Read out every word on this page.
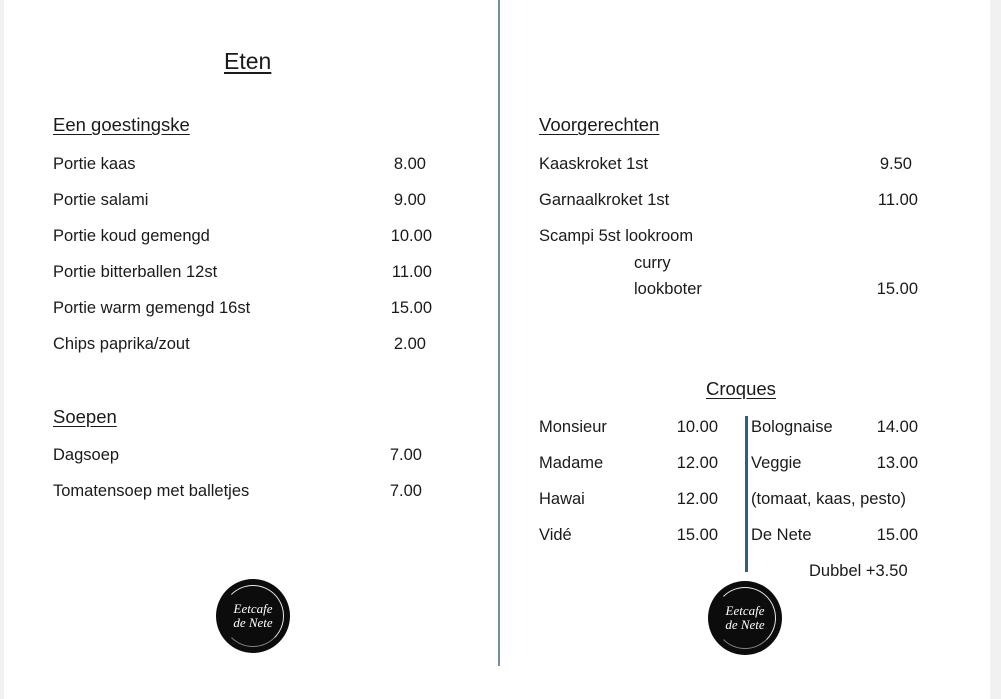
Eten
Een goestingske
Portie kaas	8.00
Portie salami	9.00
Portie koud gemengd	10.00
Portie bitterballen 12st	11.00
Portie warm gemengd 16st	15.00
Chips paprika/zout	2.00
Soepen
Dagsoep	7.00
Tomatensoep met balletjes	7.00
Eetcafe
de Nete
Voorgerechten
Kaaskroket 1st	9.50
Garnaalkroket 1st	11.00
Scampi 5st lookroom
curry
lookboter	15.00
Croques
Monsieur	10.00
Madame	12.00
Hawai	12.00
Vidé	15.00
Bolognaise	14.00
Veggie	13.00
(tomaat, kaas, pesto)
De Nete	15.00
Dubbel +3.50
Eetcafe
de Nete
